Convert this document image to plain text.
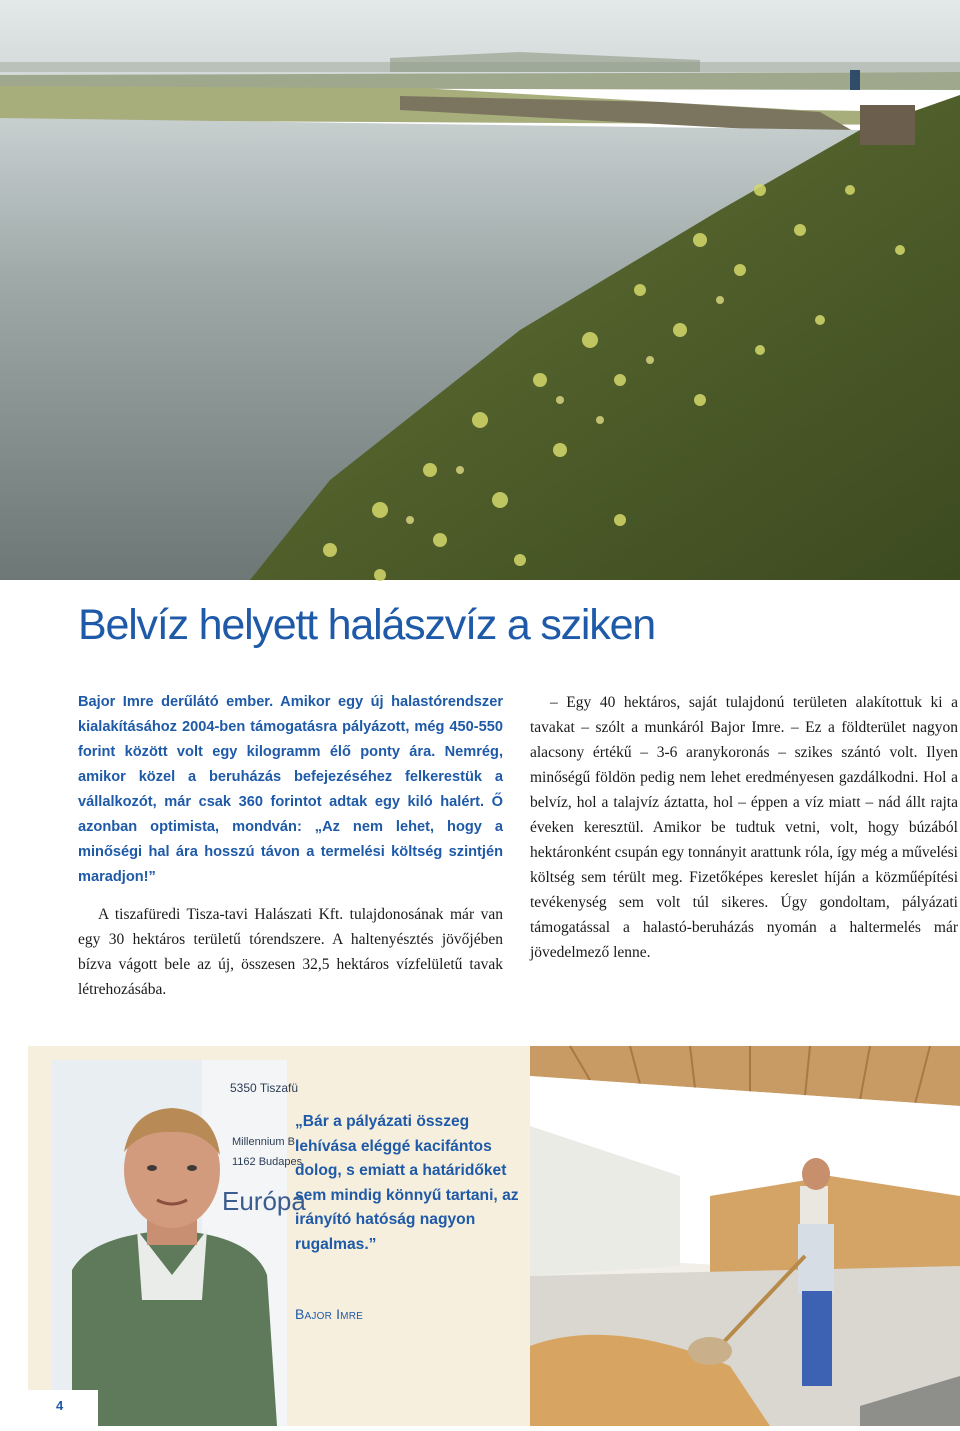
Belvíz helyett halászvíz a sziken

Bajor Imre derűlátó ember. Amikor egy új halastórendszer kialakításához 2004-ben támogatásra pályázott, még 450-550 forint között volt egy kilogramm élő ponty ára. Nemrég, amikor közel a beruházás befejezéséhez felkerestük a vállalkozót, már csak 360 forintot adtak egy kiló halért. Ő azonban optimista, mondván: „Az nem lehet, hogy a minőségi hal ára hosszú távon a termelési költség szintjén maradjon!”

A tiszafüredi Tisza-tavi Halászati Kft. tulajdonosának már van egy 30 hektáros területű tórendszere. A haltenyésztés jövőjében bízva vágott bele az új, összesen 32,5 hektáros vízfelületű tavak létrehozásába.

– Egy 40 hektáros, saját tulajdonú területen alakítottuk ki a tavakat – szólt a munkáról Bajor Imre. – Ez a földterület nagyon alacsony értékű – 3-6 aranykoronás – szikes szántó volt. Ilyen minőségű földön pedig nem lehet eredményesen gazdálkodni. Hol a belvíz, hol a talajvíz áztatta, hol – éppen a víz miatt – nád állt rajta éveken keresztül. Amikor be tudtuk vetni, volt, hogy búzából hektáronként csupán egy tonnányit arattunk róla, így még a művelési költség sem térült meg. Fizetőképes kereslet híján a közműépítési tevékenység sem volt túl sikeres. Úgy gondoltam, pályázati támogatással a halastó-beruházás nyomán a haltermelés már jövedelmező lenne.

5350 Tiszafü
Millennium B
1162 Budapes
Európa

„Bár a pályázati összeg lehívása eléggé kacifántos dolog, s emiatt a határidőket sem mindig könnyű tartani, az irányító hatóság nagyon rugalmas.”

Bajor Imre
4
